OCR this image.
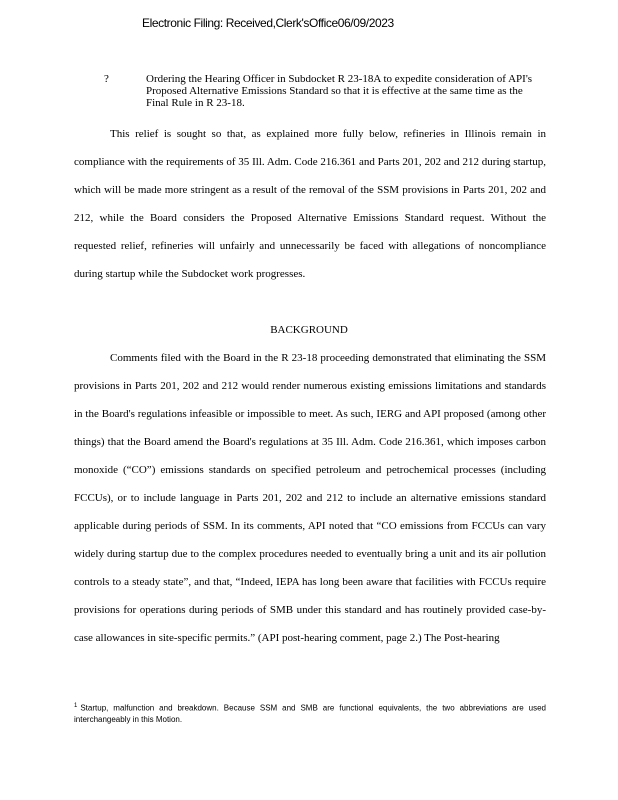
Electronic Filing: Received,Clerk'sOffice06/09/2023
?	Ordering the Hearing Officer in Subdocket R 23-18A to expedite consideration of API's Proposed Alternative Emissions Standard so that it is effective at the same time as the Final Rule in R 23-18.
This relief is sought so that, as explained more fully below, refineries in Illinois remain in compliance with the requirements of 35 Ill. Adm. Code 216.361 and Parts 201, 202 and 212 during startup, which will be made more stringent as a result of the removal of the SSM provisions in Parts 201, 202 and 212, while the Board considers the Proposed Alternative Emissions Standard request. Without the requested relief, refineries will unfairly and unnecessarily be faced with allegations of noncompliance during startup while the Subdocket work progresses.
BACKGROUND
Comments filed with the Board in the R 23-18 proceeding demonstrated that eliminating the SSM provisions in Parts 201, 202 and 212 would render numerous existing emissions limitations and standards in the Board's regulations infeasible or impossible to meet. As such, IERG and API proposed (among other things) that the Board amend the Board's regulations at 35 Ill. Adm. Code 216.361, which imposes carbon monoxide (“CO”) emissions standards on specified petroleum and petrochemical processes (including FCCUs), or to include language in Parts 201, 202 and 212 to include an alternative emissions standard applicable during periods of SSM. In its comments, API noted that “CO emissions from FCCUs can vary widely during startup due to the complex procedures needed to eventually bring a unit and its air pollution controls to a steady state”, and that, “Indeed, IEPA has long been aware that facilities with FCCUs require provisions for operations during periods of SMB under this standard and has routinely provided case-by-case allowances in site-specific permits.” (API post-hearing comment, page 2.) The Post-hearing
$^1$ Startup, malfunction and breakdown. Because SSM and SMB are functional equivalents, the two abbreviations are used interchangeably in this Motion.
